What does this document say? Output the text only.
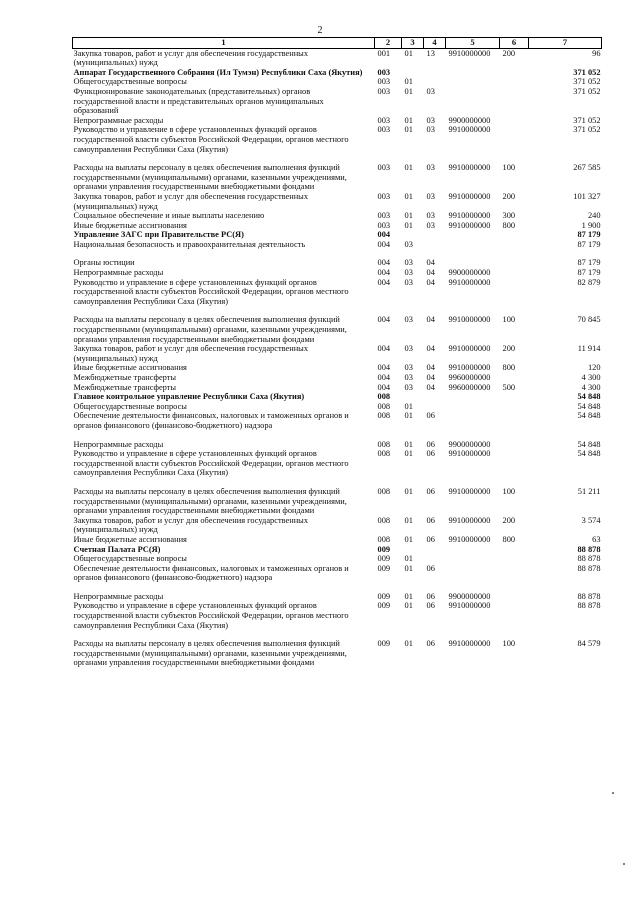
2
1	2	3	4	5	6	7
Закупка товаров, работ и услуг для обеспечения государственных (муниципальных) нужд	001	01	13	9910000000	200	96
Аппарат Государственного Собрания (Ил Тумэн) Республики Саха (Якутия)	003					371 052
Общегосударственные вопросы	003	01				371 052
Функционирование законодательных (представительных) органов государственной власти и представительных органов муниципальных образований	003	01	03			371 052
Непрограммные расходы	003	01	03	9900000000		371 052
Руководство и управление в сфере установленных функций органов государственной власти субъектов Российской Федерации, органов местного самоуправления Республики Саха (Якутия)	003	01	03	9910000000		371 052

Расходы на выплаты персоналу в целях обеспечения выполнения функций государственными (муниципальными) органами, казенными учреждениями, органами управления государственными внебюджетными фондами	003	01	03	9910000000	100	267 585
Закупка товаров, работ и услуг для обеспечения государственных (муниципальных) нужд	003	01	03	9910000000	200	101 327
Социальное обеспечение и иные выплаты населению	003	01	03	9910000000	300	240
Иные бюджетные ассигнования	003	01	03	9910000000	800	1 900
Управление ЗАГС при Правительстве РС(Я)	004					87 179
Национальная безопасность и правоохранительная деятельность	004	03				87 179

Органы юстиции	004	03	04			87 179
Непрограммные расходы	004	03	04	9900000000		87 179
Руководство и управление в сфере установленных функций органов государственной власти субъектов Российской Федерации, органов местного самоуправления Республики Саха (Якутия)	004	03	04	9910000000		82 879

Расходы на выплаты персоналу в целях обеспечения выполнения функций государственными (муниципальными) органами, казенными учреждениями, органами управления государственными внебюджетными фондами	004	03	04	9910000000	100	70 845
Закупка товаров, работ и услуг для обеспечения государственных (муниципальных) нужд	004	03	04	9910000000	200	11 914
Иные бюджетные ассигнования	004	03	04	9910000000	800	120
Межбюджетные трансферты	004	03	04	9960000000		4 300
Межбюджетные трансферты	004	03	04	9960000000	500	4 300
Главное контрольное управление Республики Саха (Якутия)	008					54 848
Общегосударственные вопросы	008	01				54 848
Обеспечение деятельности финансовых, налоговых и таможенных органов и органов финансового (финансово-бюджетного) надзора	008	01	06			54 848

Непрограммные расходы	008	01	06	9900000000		54 848
Руководство и управление в сфере установленных функций органов государственной власти субъектов Российской Федерации, органов местного самоуправления Республики Саха (Якутия)	008	01	06	9910000000		54 848

Расходы на выплаты персоналу в целях обеспечения выполнения функций государственными (муниципальными) органами, казенными учреждениями, органами управления государственными внебюджетными фондами	008	01	06	9910000000	100	51 211
Закупка товаров, работ и услуг для обеспечения государственных (муниципальных) нужд	008	01	06	9910000000	200	3 574
Иные бюджетные ассигнования	008	01	06	9910000000	800	63
Счетная Палата РС(Я)	009					88 878
Общегосударственные вопросы	009	01				88 878
Обеспечение деятельности финансовых, налоговых и таможенных органов и органов финансового (финансово-бюджетного) надзора	009	01	06			88 878

Непрограммные расходы	009	01	06	9900000000		88 878
Руководство и управление в сфере установленных функций органов государственной власти субъектов Российской Федерации, органов местного самоуправления Республики Саха (Якутия)	009	01	06	9910000000		88 878

Расходы на выплаты персоналу в целях обеспечения выполнения функций государственными (муниципальными) органами, казенными учреждениями, органами управления государственными внебюджетными фондами	009	01	06	9910000000	100	84 579
